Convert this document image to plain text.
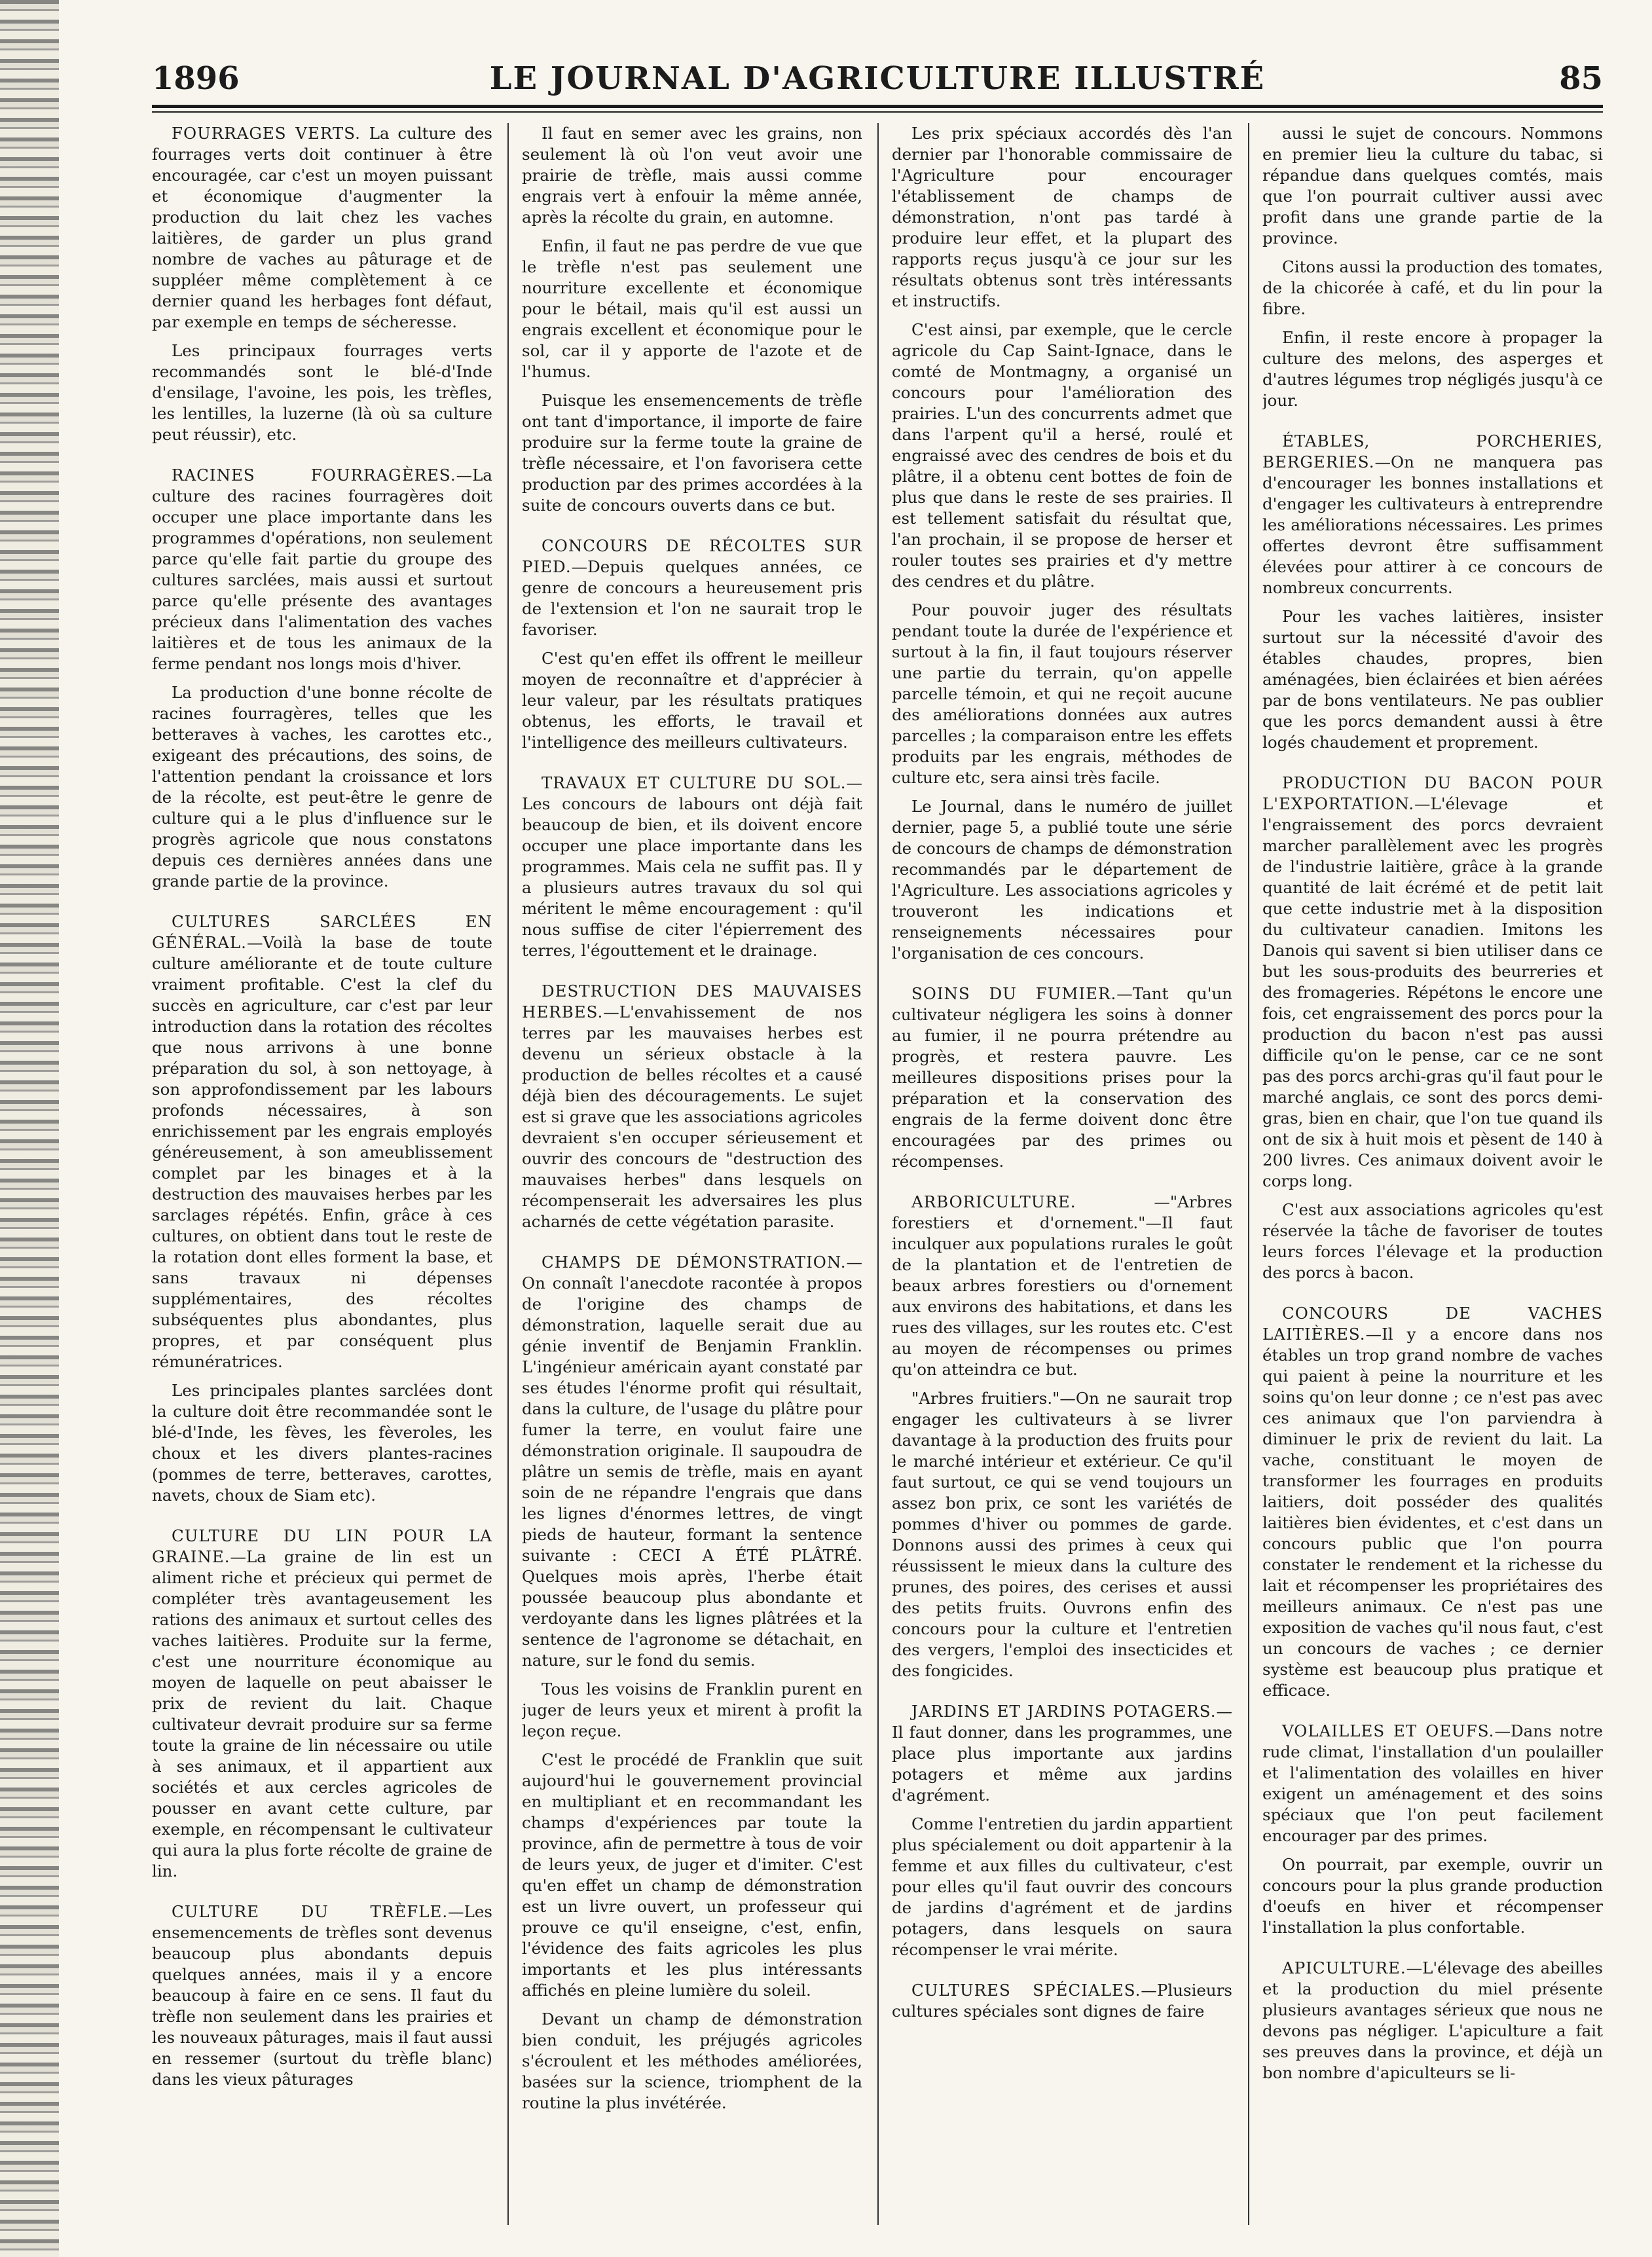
LE JOURNAL D'AGRICULTURE ILLUSTRÉ
1896	85

FOURRAGES VERTS. La culture des fourrages verts doit continuer à être encouragée, car c'est un moyen puissant et économique d'augmenter la production du lait chez les vaches laitières, de garder un plus grand nombre de vaches au pâturage et de suppléer même complètement à ce dernier quand les herbages font défaut, par exemple en temps de sécheresse.

Les principaux fourrages verts recommandés sont le blé-d'Inde d'ensilage, l'avoine, les pois, les trèfles, les lentilles, la luzerne (là où sa culture peut réussir), etc.

RACINES FOURRAGÈRES.—La culture des racines fourragères doit occuper une place importante dans les programmes d'opérations, non seulement parce qu'elle fait partie du groupe des cultures sarclées, mais aussi et surtout parce qu'elle présente des avantages précieux dans l'alimentation des vaches laitières et de tous les animaux de la ferme pendant nos longs mois d'hiver.

La production d'une bonne récolte de racines fourragères, telles que les betteraves à vaches, les carottes etc., exigeant des précautions, des soins, de l'attention pendant la croissance et lors de la récolte, est peut-être le genre de culture qui a le plus d'influence sur le progrès agricole que nous constatons depuis ces dernières années dans une grande partie de la province.

CULTURES SARCLÉES EN GÉNÉRAL.—Voilà la base de toute culture améliorante et de toute culture vraiment profitable. C'est la clef du succès en agriculture, car c'est par leur introduction dans la rotation des récoltes que nous arrivons à une bonne préparation du sol, à son nettoyage, à son approfondissement par les labours profonds nécessaires, à son enrichissement par les engrais employés généreusement, à son ameublissement complet par les binages et à la destruction des mauvaises herbes par les sarclages répétés. Enfin, grâce à ces cultures, on obtient dans tout le reste de la rotation dont elles forment la base, et sans travaux ni dépenses supplémentaires, des récoltes subséquentes plus abondantes, plus propres, et par conséquent plus rémunératrices.

Les principales plantes sarclées dont la culture doit être recommandée sont le blé-d'Inde, les fèves, les fèveroles, les choux et les divers plantes-racines (pommes de terre, betteraves, carottes, navets, choux de Siam etc).

CULTURE DU LIN POUR LA GRAINE.—La graine de lin est un aliment riche et précieux qui permet de compléter très avantageusement les rations des animaux et surtout celles des vaches laitières. Produite sur la ferme, c'est une nourriture économique au moyen de laquelle on peut abaisser le prix de revient du lait. Chaque cultivateur devrait produire sur sa ferme toute la graine de lin nécessaire ou utile à ses animaux, et il appartient aux sociétés et aux cercles agricoles de pousser en avant cette culture, par exemple, en récompensant le cultivateur qui aura la plus forte récolte de graine de lin.

CULTURE DU TRÈFLE.—Les ensemencements de trèfles sont devenus beaucoup plus abondants depuis quelques années, mais il y a encore beaucoup à faire en ce sens. Il faut du trèfle non seulement dans les prairies et les nouveaux pâturages, mais il faut aussi en ressemer (surtout du trèfle blanc) dans les vieux pâturages

Il faut en semer avec les grains, non seulement là où l'on veut avoir une prairie de trèfle, mais aussi comme engrais vert à enfouir la même année, après la récolte du grain, en automne.

Enfin, il faut ne pas perdre de vue que le trèfle n'est pas seulement une nourriture excellente et économique pour le bétail, mais qu'il est aussi un engrais excellent et économique pour le sol, car il y apporte de l'azote et de l'humus.

Puisque les ensemencements de trèfle ont tant d'importance, il importe de faire produire sur la ferme toute la graine de trèfle nécessaire, et l'on favorisera cette production par des primes accordées à la suite de concours ouverts dans ce but.

CONCOURS DE RÉCOLTES SUR PIED.—Depuis quelques années, ce genre de concours a heureusement pris de l'extension et l'on ne saurait trop le favoriser.

C'est qu'en effet ils offrent le meilleur moyen de reconnaître et d'apprécier à leur valeur, par les résultats pratiques obtenus, les efforts, le travail et l'intelligence des meilleurs cultivateurs.

TRAVAUX ET CULTURE DU SOL.—Les concours de labours ont déjà fait beaucoup de bien, et ils doivent encore occuper une place importante dans les programmes. Mais cela ne suffit pas. Il y a plusieurs autres travaux du sol qui méritent le même encouragement : qu'il nous suffise de citer l'épierrement des terres, l'égouttement et le drainage.

DESTRUCTION DES MAUVAISES HERBES.—L'envahissement de nos terres par les mauvaises herbes est devenu un sérieux obstacle à la production de belles récoltes et a causé déjà bien des découragements. Le sujet est si grave que les associations agricoles devraient s'en occuper sérieusement et ouvrir des concours de "destruction des mauvaises herbes" dans lesquels on récompenserait les adversaires les plus acharnés de cette végétation parasite.

CHAMPS DE DÉMONSTRATION.—On connaît l'anecdote racontée à propos de l'origine des champs de démonstration, laquelle serait due au génie inventif de Benjamin Franklin. L'ingénieur américain ayant constaté par ses études l'énorme profit qui résultait, dans la culture, de l'usage du plâtre pour fumer la terre, en voulut faire une démonstration originale. Il saupoudra de plâtre un semis de trèfle, mais en ayant soin de ne répandre l'engrais que dans les lignes d'énormes lettres, de vingt pieds de hauteur, formant la sentence suivante : CECI A ÉTÉ PLÂTRÉ. Quelques mois après, l'herbe était poussée beaucoup plus abondante et verdoyante dans les lignes plâtrées et la sentence de l'agronome se détachait, en nature, sur le fond du semis.

Tous les voisins de Franklin purent en juger de leurs yeux et mirent à profit la leçon reçue.

C'est le procédé de Franklin que suit aujourd'hui le gouvernement provincial en multipliant et en recommandant les champs d'expériences par toute la province, afin de permettre à tous de voir de leurs yeux, de juger et d'imiter. C'est qu'en effet un champ de démonstration est un livre ouvert, un professeur qui prouve ce qu'il enseigne, c'est, enfin, l'évidence des faits agricoles les plus importants et les plus intéressants affichés en pleine lumière du soleil.

Devant un champ de démonstration bien conduit, les préjugés agricoles s'écroulent et les méthodes améliorées, basées sur la science, triomphent de la routine la plus invétérée.

Les prix spéciaux accordés dès l'an dernier par l'honorable commissaire de l'Agriculture pour encourager l'établissement de champs de démonstration, n'ont pas tardé à produire leur effet, et la plupart des rapports reçus jusqu'à ce jour sur les résultats obtenus sont très intéressants et instructifs.

C'est ainsi, par exemple, que le cercle agricole du Cap Saint-Ignace, dans le comté de Montmagny, a organisé un concours pour l'amélioration des prairies. L'un des concurrents admet que dans l'arpent qu'il a hersé, roulé et engraissé avec des cendres de bois et du plâtre, il a obtenu cent bottes de foin de plus que dans le reste de ses prairies. Il est tellement satisfait du résultat que, l'an prochain, il se propose de herser et rouler toutes ses prairies et d'y mettre des cendres et du plâtre.

Pour pouvoir juger des résultats pendant toute la durée de l'expérience et surtout à la fin, il faut toujours réserver une partie du terrain, qu'on appelle parcelle témoin, et qui ne reçoit aucune des améliorations données aux autres parcelles ; la comparaison entre les effets produits par les engrais, méthodes de culture etc, sera ainsi très facile.

Le Journal, dans le numéro de juillet dernier, page 5, a publié toute une série de concours de champs de démonstration recommandés par le département de l'Agriculture. Les associations agricoles y trouveront les indications et renseignements nécessaires pour l'organisation de ces concours.

SOINS DU FUMIER.—Tant qu'un cultivateur négligera les soins à donner au fumier, il ne pourra prétendre au progrès, et restera pauvre. Les meilleures dispositions prises pour la préparation et la conservation des engrais de la ferme doivent donc être encouragées par des primes ou récompenses.

ARBORICULTURE. —"Arbres forestiers et d'ornement."—Il faut inculquer aux populations rurales le goût de la plantation et de l'entretien de beaux arbres forestiers ou d'ornement aux environs des habitations, et dans les rues des villages, sur les routes etc. C'est au moyen de récompenses ou primes qu'on atteindra ce but.

"Arbres fruitiers."—On ne saurait trop engager les cultivateurs à se livrer davantage à la production des fruits pour le marché intérieur et extérieur. Ce qu'il faut surtout, ce qui se vend toujours un assez bon prix, ce sont les variétés de pommes d'hiver ou pommes de garde. Donnons aussi des primes à ceux qui réussissent le mieux dans la culture des prunes, des poires, des cerises et aussi des petits fruits. Ouvrons enfin des concours pour la culture et l'entretien des vergers, l'emploi des insecticides et des fongicides.

JARDINS ET JARDINS POTAGERS.—Il faut donner, dans les programmes, une place plus importante aux jardins potagers et même aux jardins d'agrément.

Comme l'entretien du jardin appartient plus spécialement ou doit appartenir à la femme et aux filles du cultivateur, c'est pour elles qu'il faut ouvrir des concours de jardins d'agrément et de jardins potagers, dans lesquels on saura récompenser le vrai mérite.

CULTURES SPÉCIALES.—Plusieurs cultures spéciales sont dignes de faire

aussi le sujet de concours. Nommons en premier lieu la culture du tabac, si répandue dans quelques comtés, mais que l'on pourrait cultiver aussi avec profit dans une grande partie de la province.

Citons aussi la production des tomates, de la chicorée à café, et du lin pour la fibre.

Enfin, il reste encore à propager la culture des melons, des asperges et d'autres légumes trop négligés jusqu'à ce jour.

ÉTABLES, PORCHERIES, BERGERIES.—On ne manquera pas d'encourager les bonnes installations et d'engager les cultivateurs à entreprendre les améliorations nécessaires. Les primes offertes devront être suffisamment élevées pour attirer à ce concours de nombreux concurrents.

Pour les vaches laitières, insister surtout sur la nécessité d'avoir des étables chaudes, propres, bien aménagées, bien éclairées et bien aérées par de bons ventilateurs. Ne pas oublier que les porcs demandent aussi à être logés chaudement et proprement.

PRODUCTION DU BACON POUR L'EXPORTATION.—L'élevage et l'engraissement des porcs devraient marcher parallèlement avec les progrès de l'industrie laitière, grâce à la grande quantité de lait écrémé et de petit lait que cette industrie met à la disposition du cultivateur canadien. Imitons les Danois qui savent si bien utiliser dans ce but les sous-produits des beurreries et des fromageries. Répétons le encore une fois, cet engraissement des porcs pour la production du bacon n'est pas aussi difficile qu'on le pense, car ce ne sont pas des porcs archi-gras qu'il faut pour le marché anglais, ce sont des porcs demi-gras, bien en chair, que l'on tue quand ils ont de six à huit mois et pèsent de 140 à 200 livres. Ces animaux doivent avoir le corps long.

C'est aux associations agricoles qu'est réservée la tâche de favoriser de toutes leurs forces l'élevage et la production des porcs à bacon.

CONCOURS DE VACHES LAITIÈRES.—Il y a encore dans nos étables un trop grand nombre de vaches qui paient à peine la nourriture et les soins qu'on leur donne ; ce n'est pas avec ces animaux que l'on parviendra à diminuer le prix de revient du lait. La vache, constituant le moyen de transformer les fourrages en produits laitiers, doit posséder des qualités laitières bien évidentes, et c'est dans un concours public que l'on pourra constater le rendement et la richesse du lait et récompenser les propriétaires des meilleurs animaux. Ce n'est pas une exposition de vaches qu'il nous faut, c'est un concours de vaches ; ce dernier système est beaucoup plus pratique et efficace.

VOLAILLES ET OEUFS.—Dans notre rude climat, l'installation d'un poulailler et l'alimentation des volailles en hiver exigent un aménagement et des soins spéciaux que l'on peut facilement encourager par des primes.

On pourrait, par exemple, ouvrir un concours pour la plus grande production d'oeufs en hiver et récompenser l'installation la plus confortable.

APICULTURE.—L'élevage des abeilles et la production du miel présente plusieurs avantages sérieux que nous ne devons pas négliger. L'apiculture a fait ses preuves dans la province, et déjà un bon nombre d'apiculteurs se li-
